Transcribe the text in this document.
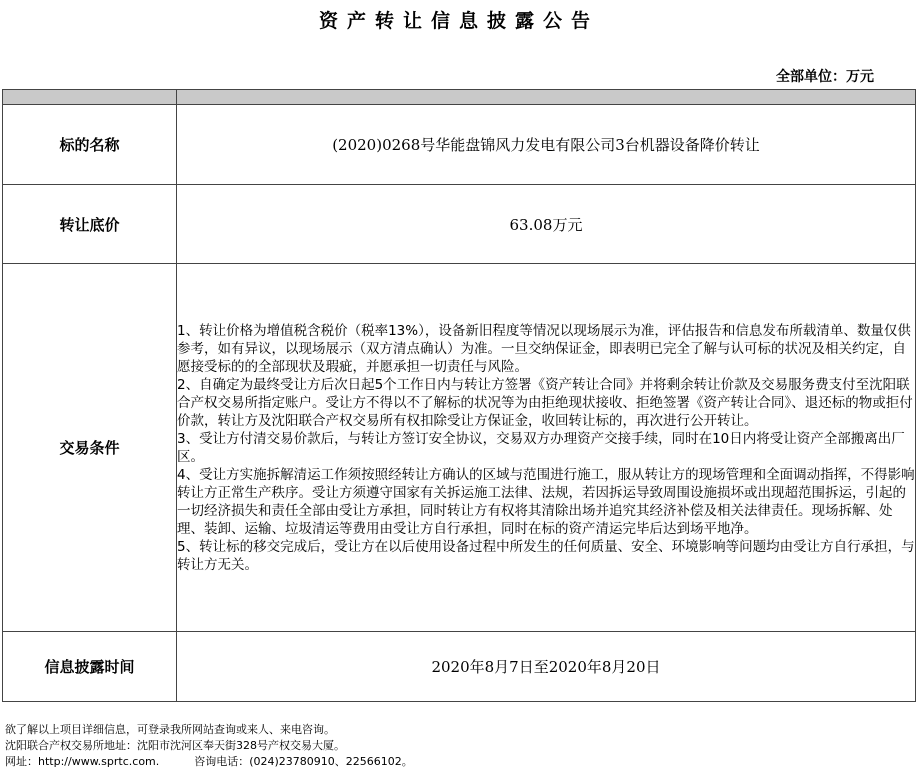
资产转让信息披露公告
全部单位：万元

标的名称	(2020)0268号华能盘锦风力发电有限公司3台机器设备降价转让
转让底价	63.08万元
交易条件	1、转让价格为增值税含税价（税率13%），设备新旧程度等情况以现场展示为准，评估报告和信息发布所载清单、数量仅供参考，如有异议，以现场展示（双方清点确认）为准。一旦交纳保证金，即表明已完全了解与认可标的状况及相关约定，自愿接受标的的全部现状及瑕疵，并愿承担一切责任与风险。

2、自确定为最终受让方后次日起5个工作日内与转让方签署《资产转让合同》并将剩余转让价款及交易服务费支付至沈阳联合产权交易所指定账户。受让方不得以不了解标的状况等为由拒绝现状接收、拒绝签署《资产转让合同》、退还标的物或拒付价款，转让方及沈阳联合产权交易所有权扣除受让方保证金，收回转让标的，再次进行公开转让。

3、受让方付清交易价款后，与转让方签订安全协议，交易双方办理资产交接手续，同时在10日内将受让资产全部搬离出厂区。

4、受让方实施拆解清运工作须按照经转让方确认的区域与范围进行施工，服从转让方的现场管理和全面调动指挥，不得影响转让方正常生产秩序。受让方须遵守国家有关拆运施工法律、法规，若因拆运导致周围设施损坏或出现超范围拆运，引起的一切经济损失和责任全部由受让方承担，同时转让方有权将其清除出场并追究其经济补偿及相关法律责任。现场拆解、处理、装卸、运输、垃圾清运等费用由受让方自行承担，同时在标的资产清运完毕后达到场平地净。

5、转让标的移交完成后，受让方在以后使用设备过程中所发生的任何质量、安全、环境影响等问题均由受让方自行承担，与转让方无关。

信息披露时间	2020年8月7日至2020年8月20日
欲了解以上项目详细信息，可登录我所网站查询或来人、来电咨询。
沈阳联合产权交易所地址：沈阳市沈河区奉天街328号产权交易大厦。
网址：http://www.sprtc.com.          咨询电话：(024)23780910、22566102。
